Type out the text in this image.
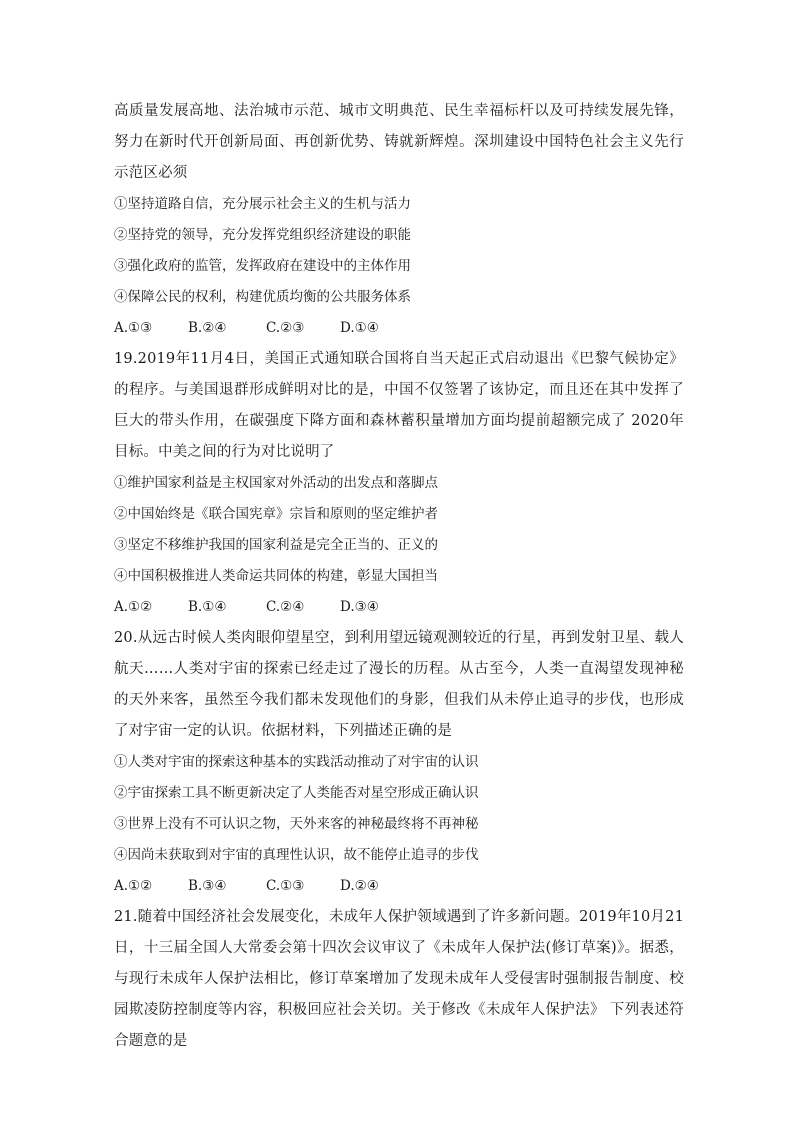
高质量发展高地、法治城市示范、城市文明典范、民生幸福标杆以及可持续发展先锋，努力在新时代开创新局面、再创新优势、铸就新辉煌。深圳建设中国特色社会主义先行示范区必须

①坚持道路自信，充分展示社会主义的生机与活力

②坚持党的领导，充分发挥党组织经济建设的职能

③强化政府的监管，发挥政府在建设中的主体作用

④保障公民的权利，构建优质均衡的公共服务体系

A.①③	B.②④	C.②③	D.①④

19.2019年11月4日，美国正式通知联合国将自当天起正式启动退出《巴黎气候协定》的程序。与美国退群形成鲜明对比的是，中国不仅签署了该协定，而且还在其中发挥了巨大的带头作用，在碳强度下降方面和森林蓄积量增加方面均提前超额完成了 2020年目标。中美之间的行为对比说明了

①维护国家利益是主权国家对外活动的出发点和落脚点

②中国始终是《联合国宪章》宗旨和原则的坚定维护者

③坚定不移维护我国的国家利益是完全正当的、正义的

④中国积极推进人类命运共同体的构建，彰显大国担当

A.①②	B.①④	C.②④	D.③④

20.从远古时候人类肉眼仰望星空，到利用望远镜观测较近的行星，再到发射卫星、载人航天……人类对宇宙的探索已经走过了漫长的历程。从古至今，人类一直渴望发现神秘的天外来客，虽然至今我们都未发现他们的身影，但我们从未停止追寻的步伐，也形成了对宇宙一定的认识。依据材料，下列描述正确的是

①人类对宇宙的探索这种基本的实践活动推动了对宇宙的认识

②宇宙探索工具不断更新决定了人类能否对星空形成正确认识

③世界上没有不可认识之物，天外来客的神秘最终将不再神秘

④因尚未获取到对宇宙的真理性认识，故不能停止追寻的步伐

A.①②	B.③④	C.①③	D.②④

21.随着中国经济社会发展变化，未成年人保护领域遇到了许多新问题。2019年10月21日，十三届全国人大常委会第十四次会议审议了《未成年人保护法(修订草案)》。据悉，与现行未成年人保护法相比，修订草案增加了发现未成年人受侵害时强制报告制度、校园欺凌防控制度等内容，积极回应社会关切。关于修改《未成年人保护法》 下列表述符合题意的是
